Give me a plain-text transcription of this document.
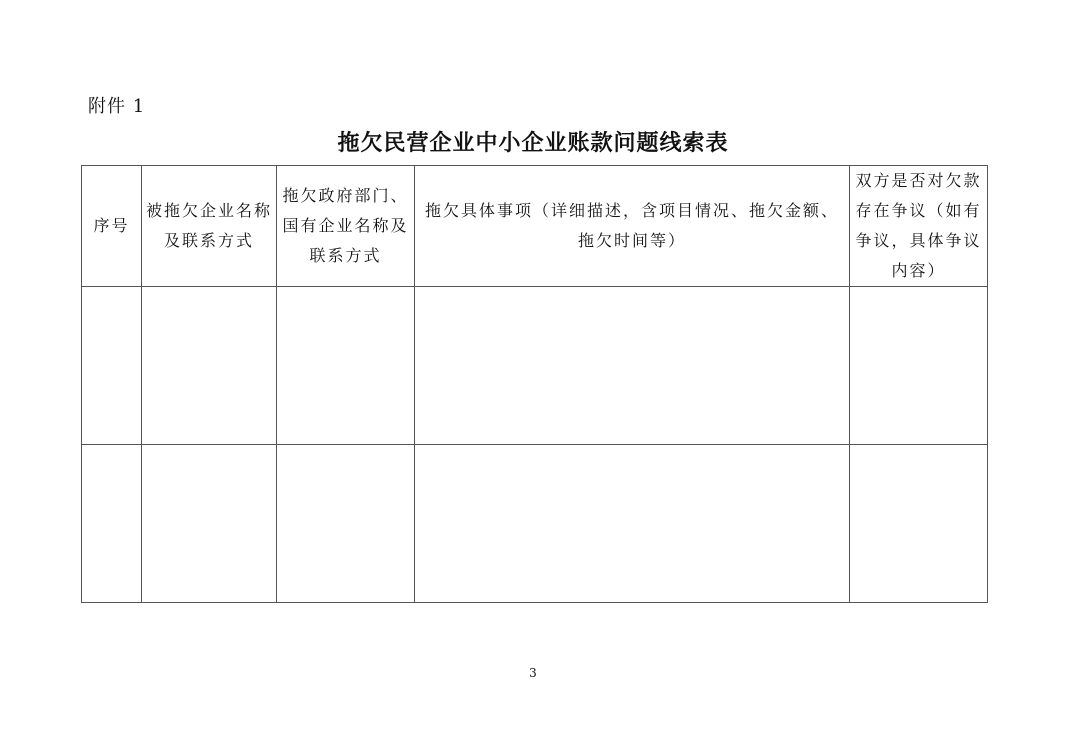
附件 1
拖欠民营企业中小企业账款问题线索表
序号	被拖欠企业名称及联系方式	拖欠政府部门、国有企业名称及联系方式	拖欠具体事项（详细描述，含项目情况、拖欠金额、拖欠时间等）	双方是否对欠款存在争议（如有争议，具体争议内容）

3
